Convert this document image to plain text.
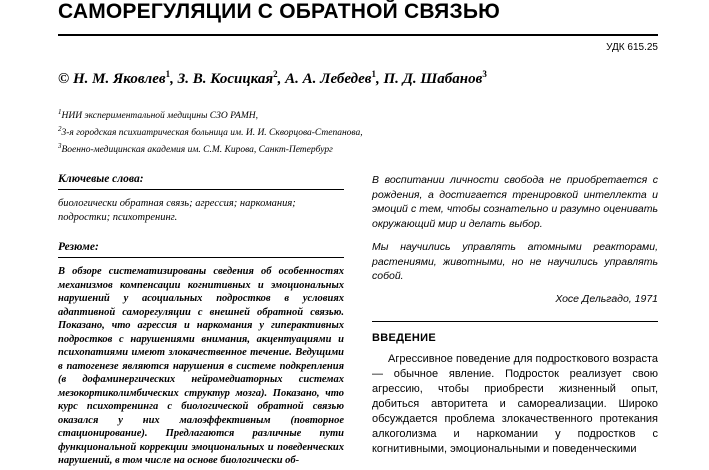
САМОРЕГУЛЯЦИИ С ОБРАТНОЙ СВЯЗЬЮ
УДК 615.25
© Н. М. Яковлев$^1$, З. В. Косицкая$^2$, А. А. Лебедев$^1$, П. Д. Шабанов$^3$
$^1$НИИ экспериментальной медицины СЗО РАМН,
$^2$3-я городская психиатрическая больница им. И. И. Скворцова-Степанова,
$^3$Военно-медицинская академия им. С.М. Кирова, Санкт-Петербург
Ключевые слова:

биологически обратная связь; агрессия; наркомания; подростки; психотренинг.

Резюме:

В обзоре систематизированы сведения об особенностях механизмов компенсации когнитивных и эмоциональных нарушений у асоциальных подростков в условиях адаптивной саморегуляции с внешней обратной связью. Показано, что агрессия и наркомания у гиперактивных подростков с нарушениями внимания, акцентуациями и психопатиями имеют злокачественное течение. Ведущими в патогенезе являются нарушения в системе подкрепления (в дофаминергических нейромедиаторных системах мезокортиколимбических структур мозга). Показано, что курс психотренинга с биологической обратной связью оказался у них малоэффективным (повторное стационирование). Предлагаются различные пути функциональной коррекции эмоциональных и поведенческих нарушений, в том числе на основе биологически об-

В воспитании личности свобода не приобретается с рождения, а достигается тренировкой интеллекта и эмоций с тем, чтобы сознательно и разумно оценивать окружающий мир и делать выбор.

Мы научились управлять атомными реакторами, растениями, животными, но не научились управлять собой.

Хосе Дельгадо, 1971
ВВЕДЕНИЕ

Агрессивное поведение для подросткового возраста — обычное явление. Подросток реализует свою агрессию, чтобы приобрести жизненный опыт, добиться авторитета и самореализации. Широко обсуждается проблема злокачественного протекания алкоголизма и наркомании у подростков с когнитивными, эмоциональными и поведенческими
